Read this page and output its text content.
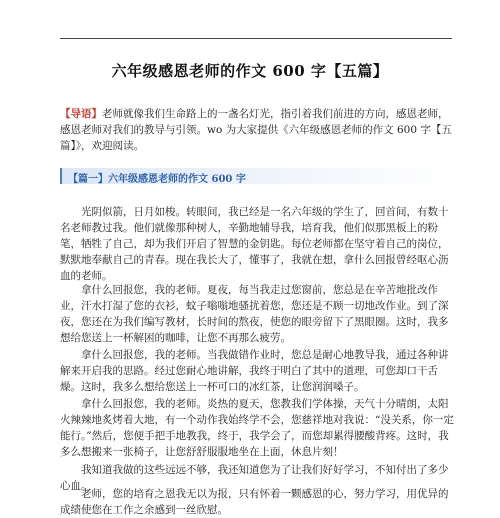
六年级感恩老师的作文 600 字【五篇】
【导语】老师就像我们生命路上的一盏名灯光，指引着我们前进的方向，感恩老师，感恩老师对我们的教导与引领。wo 为大家提供《六年级感恩老师的作文 600 字【五篇】》，欢迎阅读。
【篇一】六年级感恩老师的作文 600 字

光阴似箭，日月如梭。转眼间，我已经是一名六年级的学生了，回首间，有数十名老师教过我。他们就像那种树人，辛勤地辅导我，培育我，他们似那黑板上的粉笔，牺牲了自己，却为我们开启了智慧的金钥匙。每位老师都在坚守着自己的岗位，默默地奉献自己的青春。现在我长大了，懂事了，我就在想，拿什么回报曾经呕心沥血的老师。

拿什么回报您，我的老师。夏夜，每当我走过您窗前，您总是在辛苦地批改作业，汗水打湿了您的衣衫，蚊子嗡嗡地骚扰着您，您还是不顾一切地改作业。到了深夜，您还在为我们编写教材，长时间的熬夜，使您的眼旁留下了黑眼圈。这时，我多想给您送上一杯解困的咖啡，让您不再那么疲劳。

拿什么回报您，我的老师。当我做错作业时，您总是耐心地教导我，通过各种讲解来开启我的思路。经过您耐心地讲解，我终于明白了其中的道理，可您却口干舌燥。这时，我多么想给您送上一杯可口的冰红茶，让您润润嗓子。

拿什么回报您，我的老师。炎热的夏天，您教我们学体操，天气十分晴朗，太阳火辣辣地炙烤着大地，有一个动作我始终学不会，您慈祥地对我说：“没关系，你一定能行。”然后，您便手把手地教我，终于，我学会了，而您却累得腰酸背疼。这时，我多么想搬来一张椅子，让您舒舒服服地坐在上面，休息片刻！

我知道我做的这些远远不够，我还知道您为了让我们好好学习，不知付出了多少心血。

老师，您的培育之恩我无以为报，只有怀着一颗感恩的心，努力学习，用优异的成绩使您在工作之余感到一丝欣慰。
